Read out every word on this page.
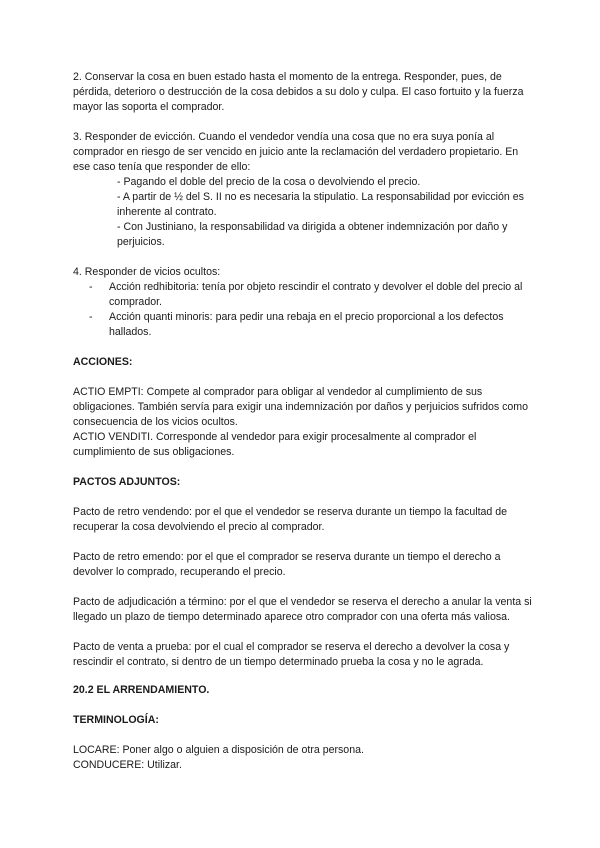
2. Conservar la cosa en buen estado hasta el momento de la entrega. Responder, pues, de pérdida, deterioro o destrucción de la cosa debidos a su dolo y culpa. El caso fortuito y la fuerza mayor las soporta el comprador.

3. Responder de evicción. Cuando el vendedor vendía una cosa que no era suya ponía al comprador en riesgo de ser vencido en juicio ante la reclamación del verdadero propietario. En ese caso tenía que responder de ello:

- Pagando el doble del precio de la cosa o devolviendo el precio.
- A partir de ½ del S. II no es necesaria la stipulatio. La responsabilidad por evicción es inherente al contrato.
- Con Justiniano, la responsabilidad va dirigida a obtener indemnización por daño y perjuicios.

4. Responder de vicios ocultos:

- Acción redhibitoria: tenía por objeto rescindir el contrato y devolver el doble del precio al comprador.
- Acción quanti minoris: para pedir una rebaja en el precio proporcional a los defectos hallados.

ACCIONES:

ACTIO EMPTI: Compete al comprador para obligar al vendedor al cumplimiento de sus obligaciones. También servía para exigir una indemnización por daños y perjuicios sufridos como consecuencia de los vicios ocultos.

ACTIO VENDITI. Corresponde al vendedor para exigir procesalmente al comprador el cumplimiento de sus obligaciones.

PACTOS ADJUNTOS:

Pacto de retro vendendo: por el que el vendedor se reserva durante un tiempo la facultad de recuperar la cosa devolviendo el precio al comprador.

Pacto de retro emendo: por el que el comprador se reserva durante un tiempo el derecho a devolver lo comprado, recuperando el precio.

Pacto de adjudicación a término: por el que el vendedor se reserva el derecho a anular la venta si llegado un plazo de tiempo determinado aparece otro comprador con una oferta más valiosa.

Pacto de venta a prueba: por el cual el comprador se reserva el derecho a devolver la cosa y rescindir el contrato, si dentro de un tiempo determinado prueba la cosa y no le agrada.

20.2 EL ARRENDAMIENTO.

TERMINOLOGÍA:

LOCARE: Poner algo o alguien a disposición de otra persona.

CONDUCERE: Utilizar.
